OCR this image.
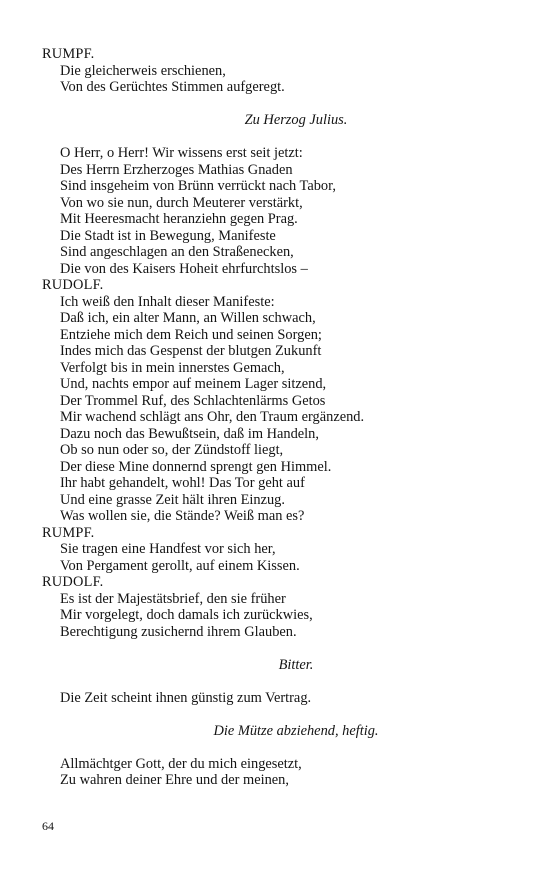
RUMPF.
Die gleicherweis erschienen,
Von des Gerüchtes Stimmen aufgeregt.
Zu Herzog Julius.
O Herr, o Herr! Wir wissens erst seit jetzt:
Des Herrn Erzherzoges Mathias Gnaden
Sind insgeheim von Brünn verrückt nach Tabor,
Von wo sie nun, durch Meuterer verstärkt,
Mit Heeresmacht heranziehn gegen Prag.
Die Stadt ist in Bewegung, Manifeste
Sind angeschlagen an den Straßenecken,
Die von des Kaisers Hoheit ehrfurchtslos –
RUDOLF.
Ich weiß den Inhalt dieser Manifeste:
Daß ich, ein alter Mann, an Willen schwach,
Entziehe mich dem Reich und seinen Sorgen;
Indes mich das Gespenst der blutgen Zukunft
Verfolgt bis in mein innerstes Gemach,
Und, nachts empor auf meinem Lager sitzend,
Der Trommel Ruf, des Schlachtenlärms Getos
Mir wachend schlägt ans Ohr, den Traum ergänzend.
Dazu noch das Bewußtsein, daß im Handeln,
Ob so nun oder so, der Zündstoff liegt,
Der diese Mine donnernd sprengt gen Himmel.
Ihr habt gehandelt, wohl! Das Tor geht auf
Und eine grasse Zeit hält ihren Einzug.
Was wollen sie, die Stände? Weiß man es?
RUMPF.
Sie tragen eine Handfest vor sich her,
Von Pergament gerollt, auf einem Kissen.
RUDOLF.
Es ist der Majestätsbrief, den sie früher
Mir vorgelegt, doch damals ich zurückwies,
Berechtigung zusichernd ihrem Glauben.
Bitter.
Die Zeit scheint ihnen günstig zum Vertrag.
Die Mütze abziehend, heftig.
Allmächtger Gott, der du mich eingesetzt,
Zu wahren deiner Ehre und der meinen,
64
